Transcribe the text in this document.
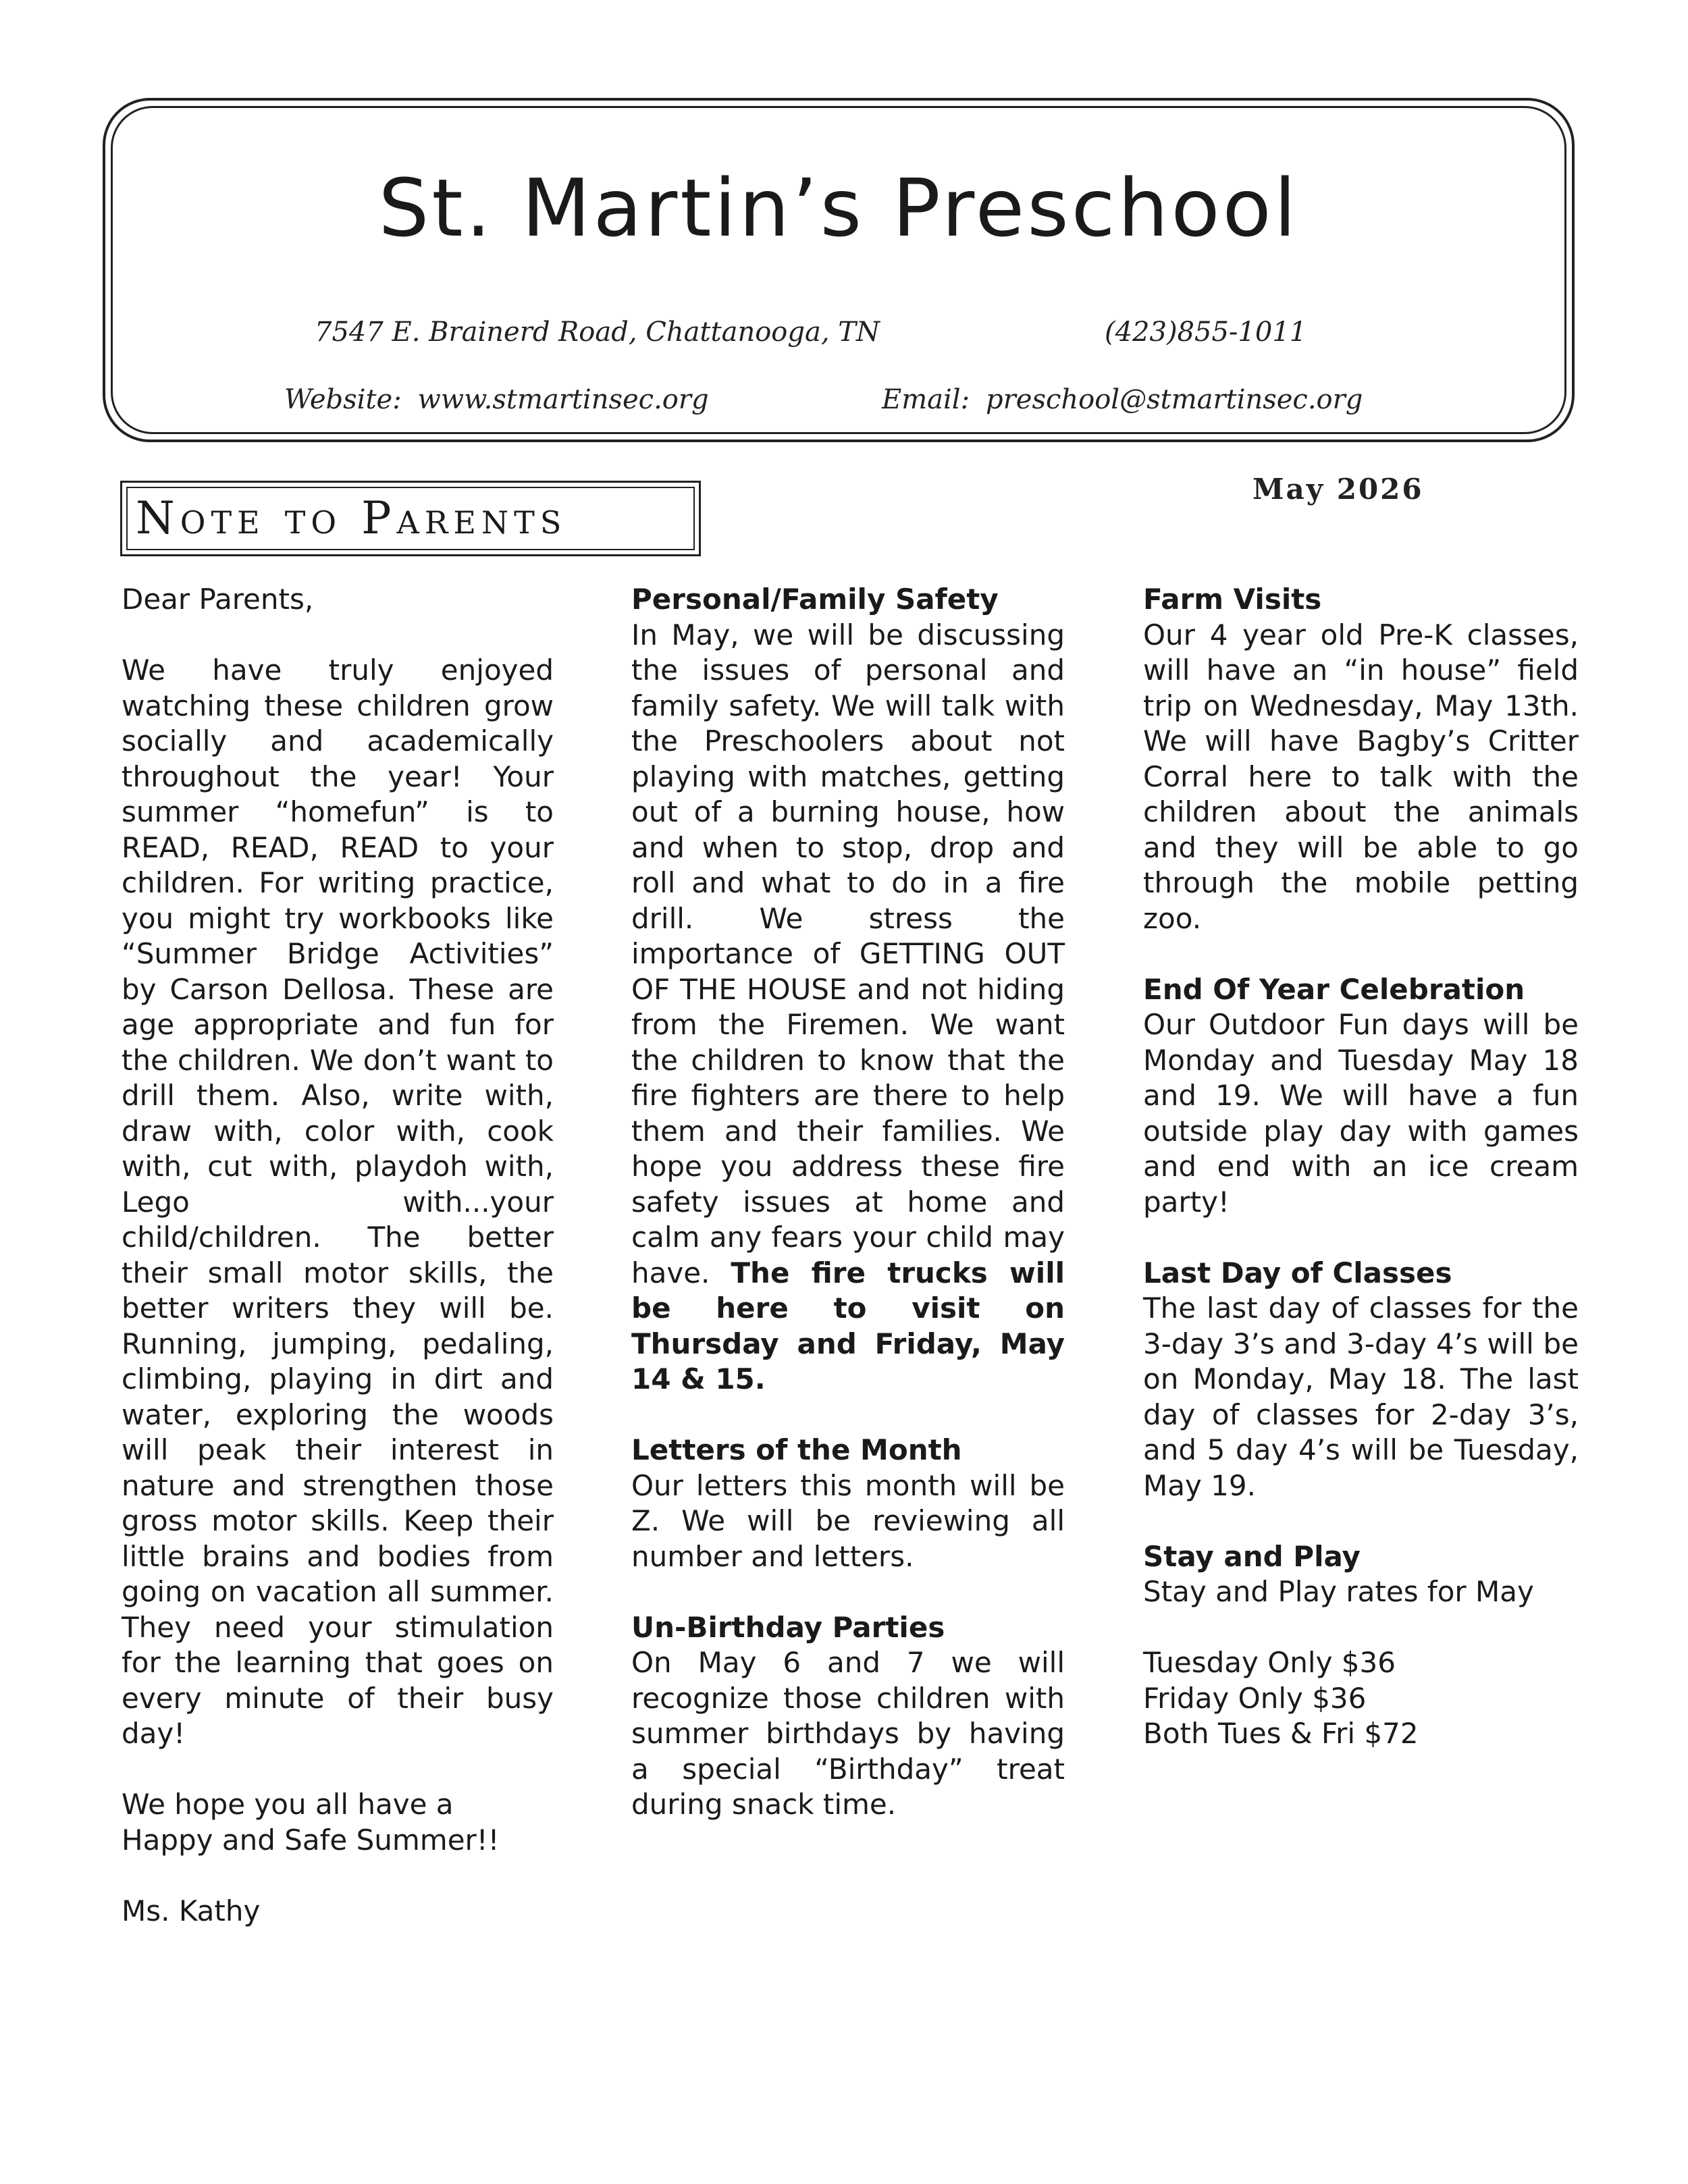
St. Martin’s Preschool
7547 E. Brainerd Road, Chattanooga, TN	(423)855-1011
Website: www.stmartinsec.org	Email: preschool@stmartinsec.org
Note to Parents
May 2026

Dear Parents,

We have truly enjoyed watching these children grow socially and academically throughout the year! Your summer “homefun” is to READ, READ, READ to your children. For writing practice, you might try workbooks like “Summer Bridge Activities” by Carson Dellosa. These are age appropriate and fun for the children. We don’t want to drill them. Also, write with, draw with, color with, cook with, cut with, playdoh with, Lego with...your child/children. The better their small motor skills, the better writers they will be. Running, jumping, pedaling, climbing, playing in dirt and water, exploring the woods will peak their interest in nature and strengthen those gross motor skills. Keep their little brains and bodies from going on vacation all summer. They need your stimulation for the learning that goes on every minute of their busy day!

We hope you all have a Happy and Safe Summer!!

Ms. Kathy

Personal/Family Safety
In May, we will be discussing the issues of personal and family safety. We will talk with the Preschoolers about not playing with matches, getting out of a burning house, how and when to stop, drop and roll and what to do in a fire drill. We stress the importance of GETTING OUT OF THE HOUSE and not hiding from the Firemen. We want the children to know that the fire fighters are there to help them and their families. We hope you address these fire safety issues at home and calm any fears your child may have. The fire trucks will be here to visit on Thursday and Friday, May 14 & 15.
Letters of the Month
Our letters this month will be Z. We will be reviewing all number and letters.
Un-Birthday Parties
On May 6 and 7 we will recognize those children with summer birthdays by having a special “Birthday” treat during snack time.
Farm Visits
Our 4 year old Pre-K classes, will have an “in house” field trip on Wednesday, May 13th. We will have Bagby’s Critter Corral here to talk with the children about the animals and they will be able to go through the mobile petting zoo.
End Of Year Celebration
Our Outdoor Fun days will be Monday and Tuesday May 18 and 19. We will have a fun outside play day with games and end with an ice cream party!
Last Day of Classes
The last day of classes for the 3-day 3’s and 3-day 4’s will be on Monday, May 18. The last day of classes for 2-day 3’s, and 5 day 4’s will be Tuesday, May 19.
Stay and Play
Stay and Play rates for May

Tuesday Only $36
Friday Only $36
Both Tues & Fri $72
